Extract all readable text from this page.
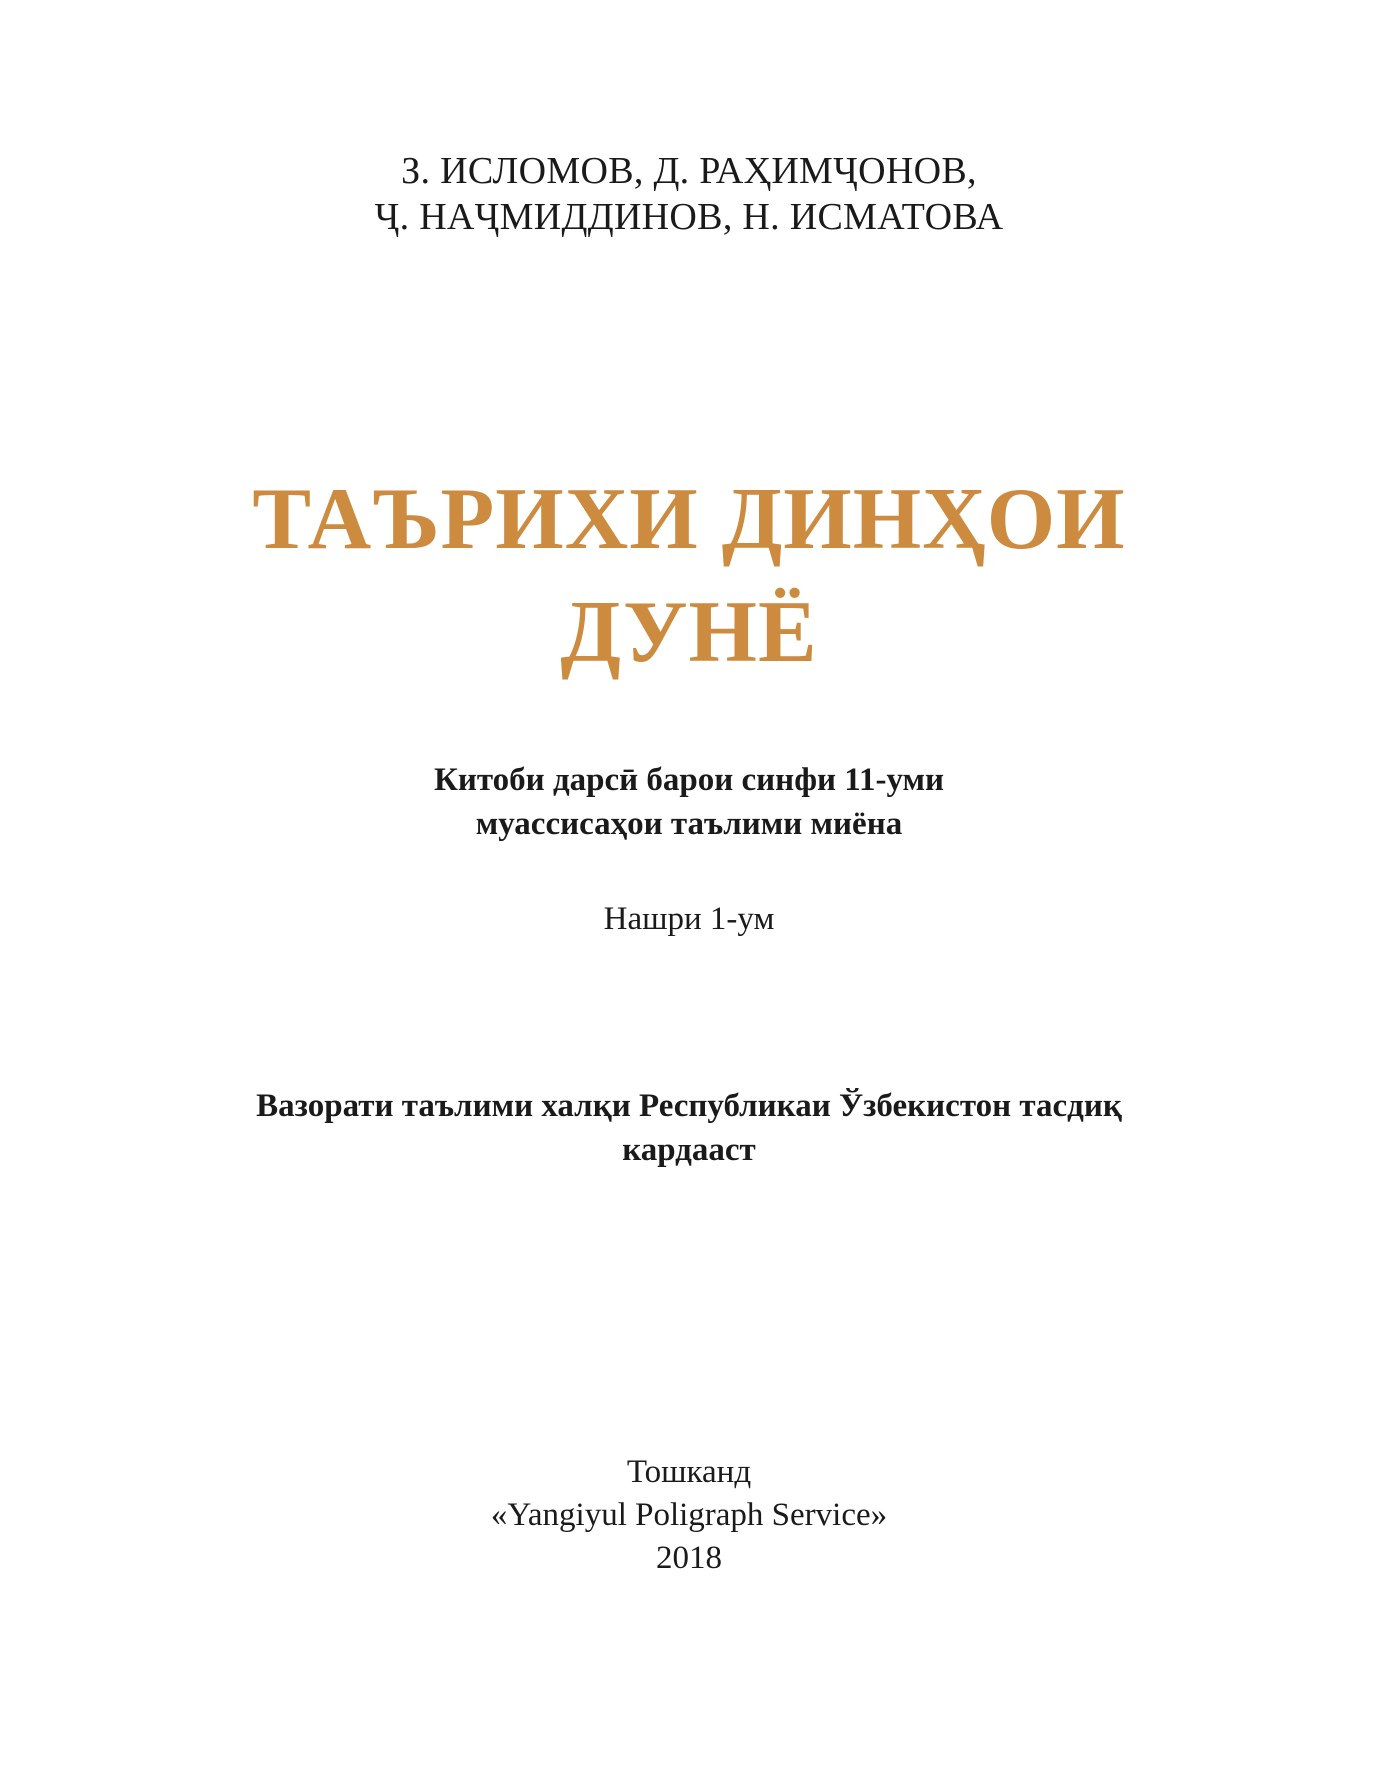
З. ИСЛОМОВ, Д. РАҲИМҶОНОВ,
Ҷ. НАҶМИДДИНОВ, Н. ИСМАТОВА
ТАЪРИХИ ДИНҲОИ
ДУНЁ
Китоби дарсӣ барои синфи 11-уми
муассисаҳои таълими миёна
Нашри 1-ум
Вазорати таълими халқи Республикаи Ўзбекистон тасдиқ
кардааст
Тошканд
«Yangiyul Poligraph Service»
2018
